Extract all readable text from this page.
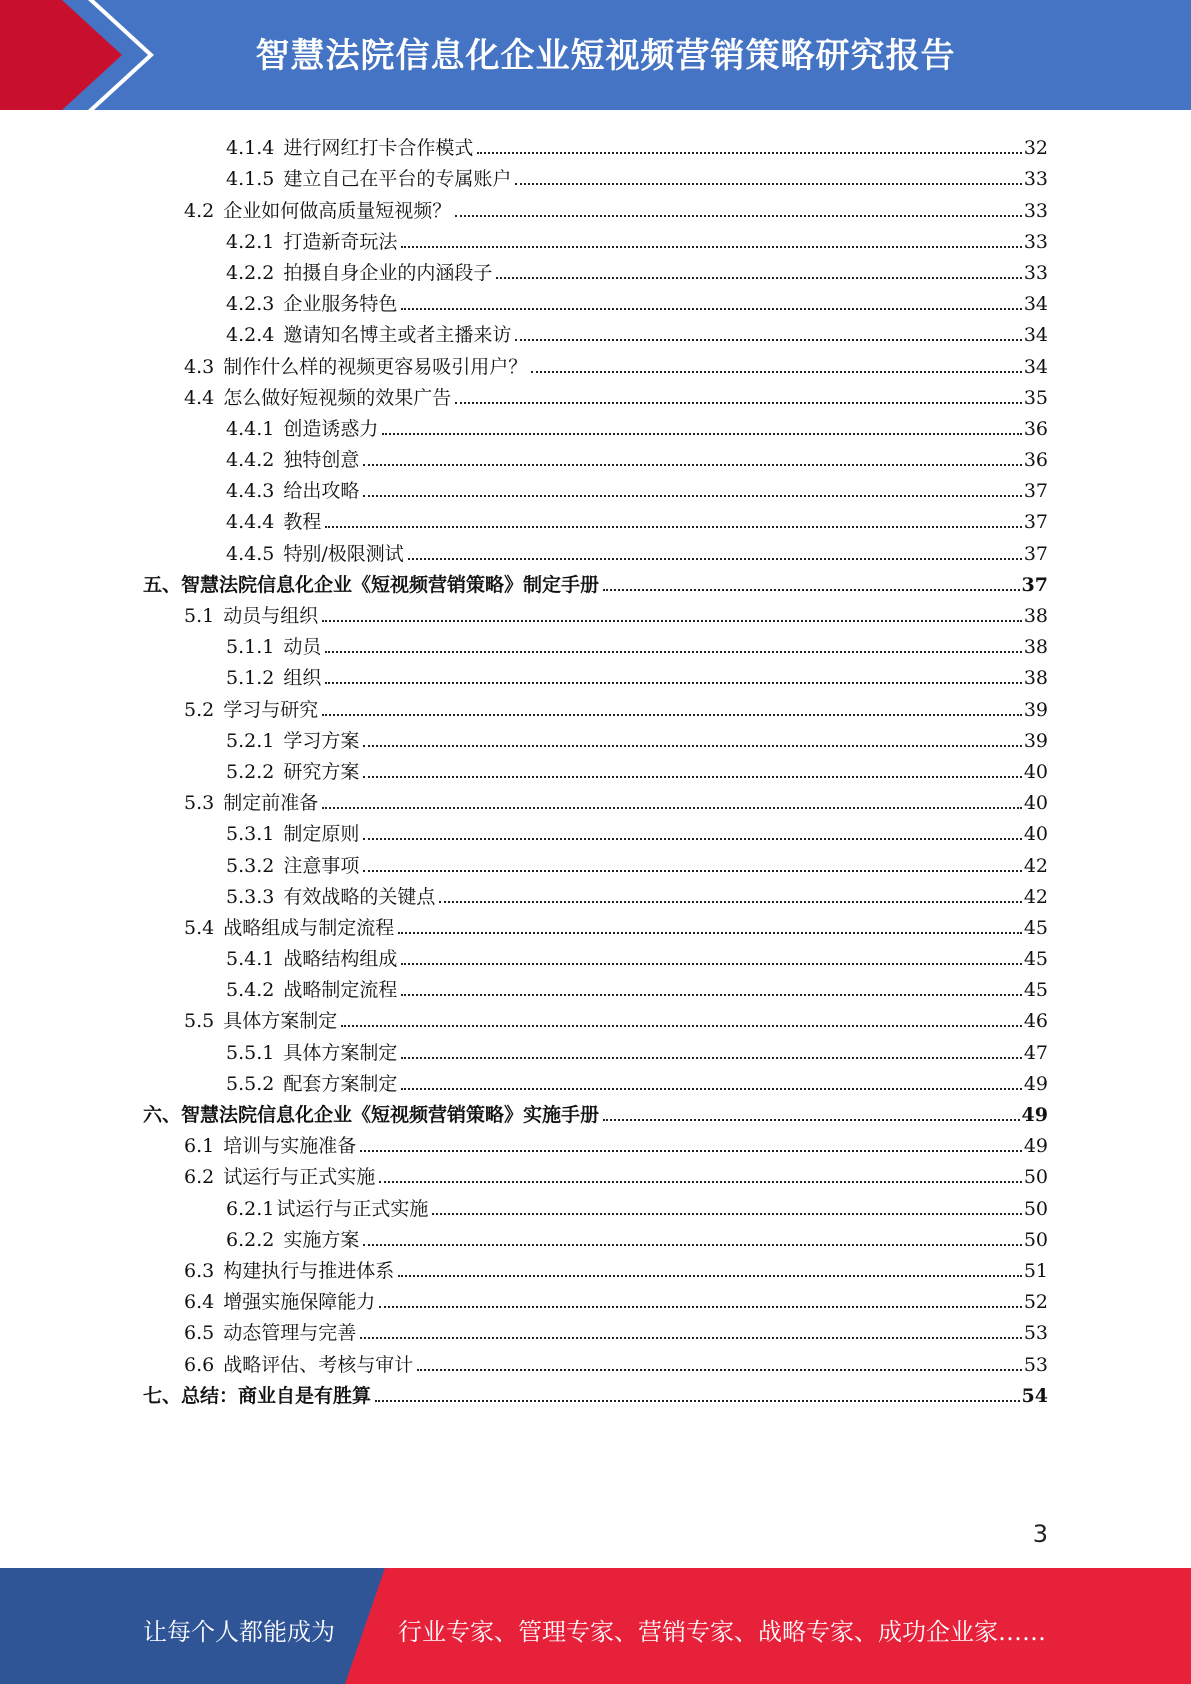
智慧法院信息化企业短视频营销策略研究报告
4.1.4 进行网红打卡合作模式	32
4.1.5 建立自己在平台的专属账户	33
4.2 企业如何做高质量短视频？	33
4.2.1 打造新奇玩法	33
4.2.2 拍摄自身企业的内涵段子	33
4.2.3 企业服务特色	34
4.2.4 邀请知名博主或者主播来访	34
4.3 制作什么样的视频更容易吸引用户？	34
4.4 怎么做好短视频的效果广告	35
4.4.1 创造诱惑力	36
4.4.2 独特创意	36
4.4.3 给出攻略	37
4.4.4 教程	37
4.4.5 特别/极限测试	37
五、智慧法院信息化企业《短视频营销策略》制定手册	37
5.1 动员与组织	38
5.1.1 动员	38
5.1.2 组织	38
5.2 学习与研究	39
5.2.1 学习方案	39
5.2.2 研究方案	40
5.3 制定前准备	40
5.3.1 制定原则	40
5.3.2 注意事项	42
5.3.3 有效战略的关键点	42
5.4 战略组成与制定流程	45
5.4.1 战略结构组成	45
5.4.2 战略制定流程	45
5.5 具体方案制定	46
5.5.1 具体方案制定	47
5.5.2 配套方案制定	49
六、智慧法院信息化企业《短视频营销策略》实施手册	49
6.1 培训与实施准备	49
6.2 试运行与正式实施	50
6.2.1 试运行与正式实施	50
6.2.2 实施方案	50
6.3 构建执行与推进体系	51
6.4 增强实施保障能力	52
6.5 动态管理与完善	53
6.6 战略评估、考核与审计	53
七、总结：商业自是有胜算	54
3
让每个人都能成为	行业专家、管理专家、营销专家、战略专家、成功企业家……
